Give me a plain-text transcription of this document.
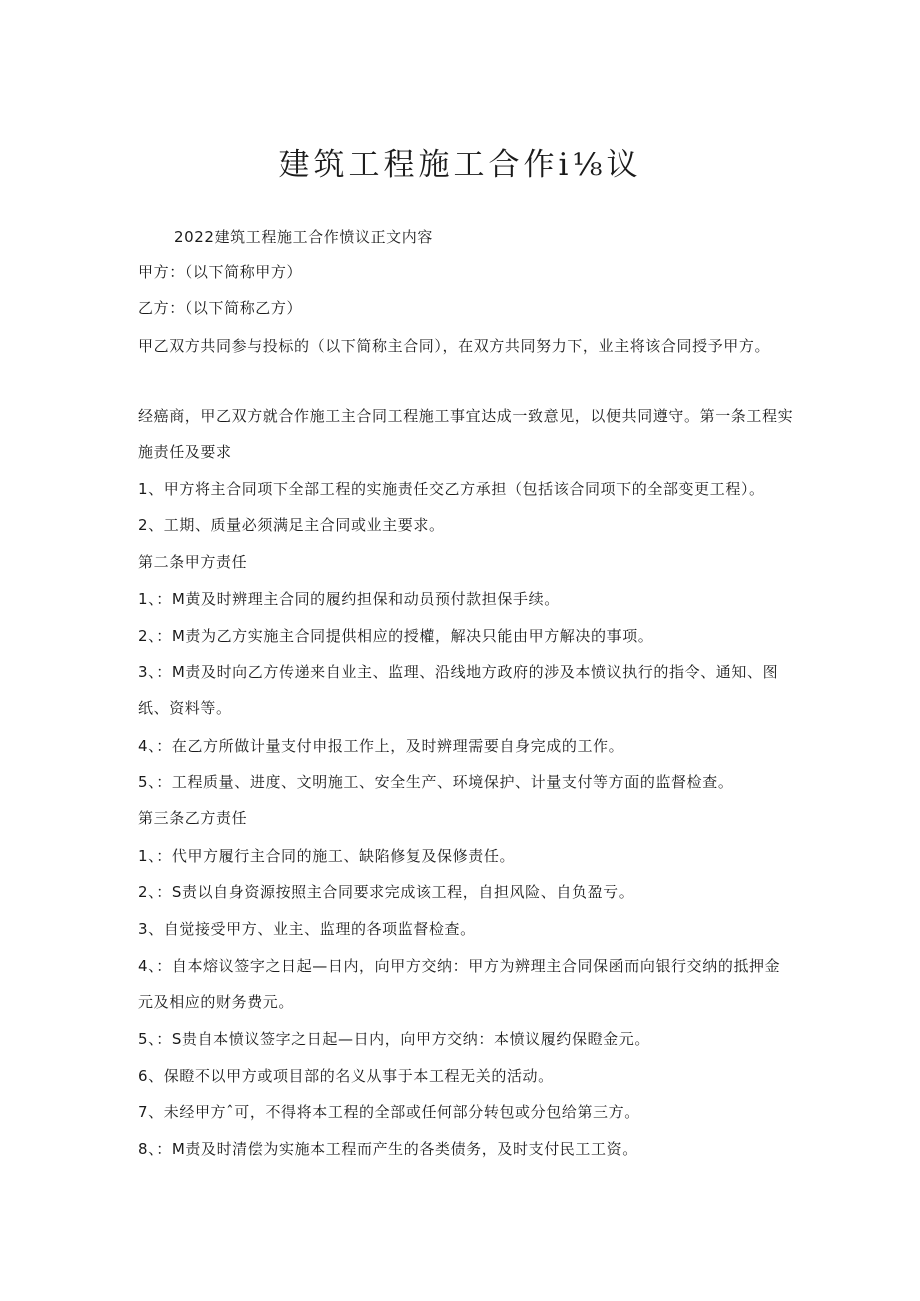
建筑工程施工合作i⅛议
2022建筑工程施工合作愤议正文内容
甲方：（以下简称甲方）
乙方：（以下简称乙方）
甲乙双方共同参与投标的（以下简称主合同），在双方共同努力下，业主将该合同授予甲方。
经癌商，甲乙双方就合作施工主合同工程施工事宜达成一致意见，以便共同遵守。第一条工程实
施责任及要求
1、甲方将主合同项下全部工程的实施责任交乙方承担（包括该合同项下的全部变更工程）。
2、工期、质量必须满足主合同或业主要求。
第二条甲方责任
1、：M黄及时辨理主合同的履约担保和动员预付款担保手续。
2、：M责为乙方实施主合同提供相应的授權，解决只能由甲方解决的事项。
3、：M责及时向乙方传递来自业主、监理、沿线地方政府的涉及本愤议执行的指令、通知、图
纸、资料等。
4、：在乙方所做计量支付申报工作上，及时辨理需要自身完成的工作。
5、：工程质量、进度、文明施工、安全生产、环境保护、计量支付等方面的监督检查。
第三条乙方责任
1、：代甲方履行主合同的施工、缺陷修复及保修责任。
2、：S责以自身资源按照主合同要求完成该工程，自担风险、自负盈亏。
3、自觉接受甲方、业主、监理的各项监督检查。
4、：自本熔议签字之日起—日内，向甲方交纳：甲方为辨理主合同保函而向银行交纳的抵押金
元及相应的财务费元。
5、：S贵自本愤议签字之日起—日内，向甲方交纳：本愤议履约保瞪金元。
6、保瞪不以甲方或项目部的名义从事于本工程无关的活动。
7、未经甲方ˆ可，不得将本工程的全部或任何部分转包或分包给第三方。
8、：M责及时清偿为实施本工程而产生的各类债务，及时支付民工工资。
